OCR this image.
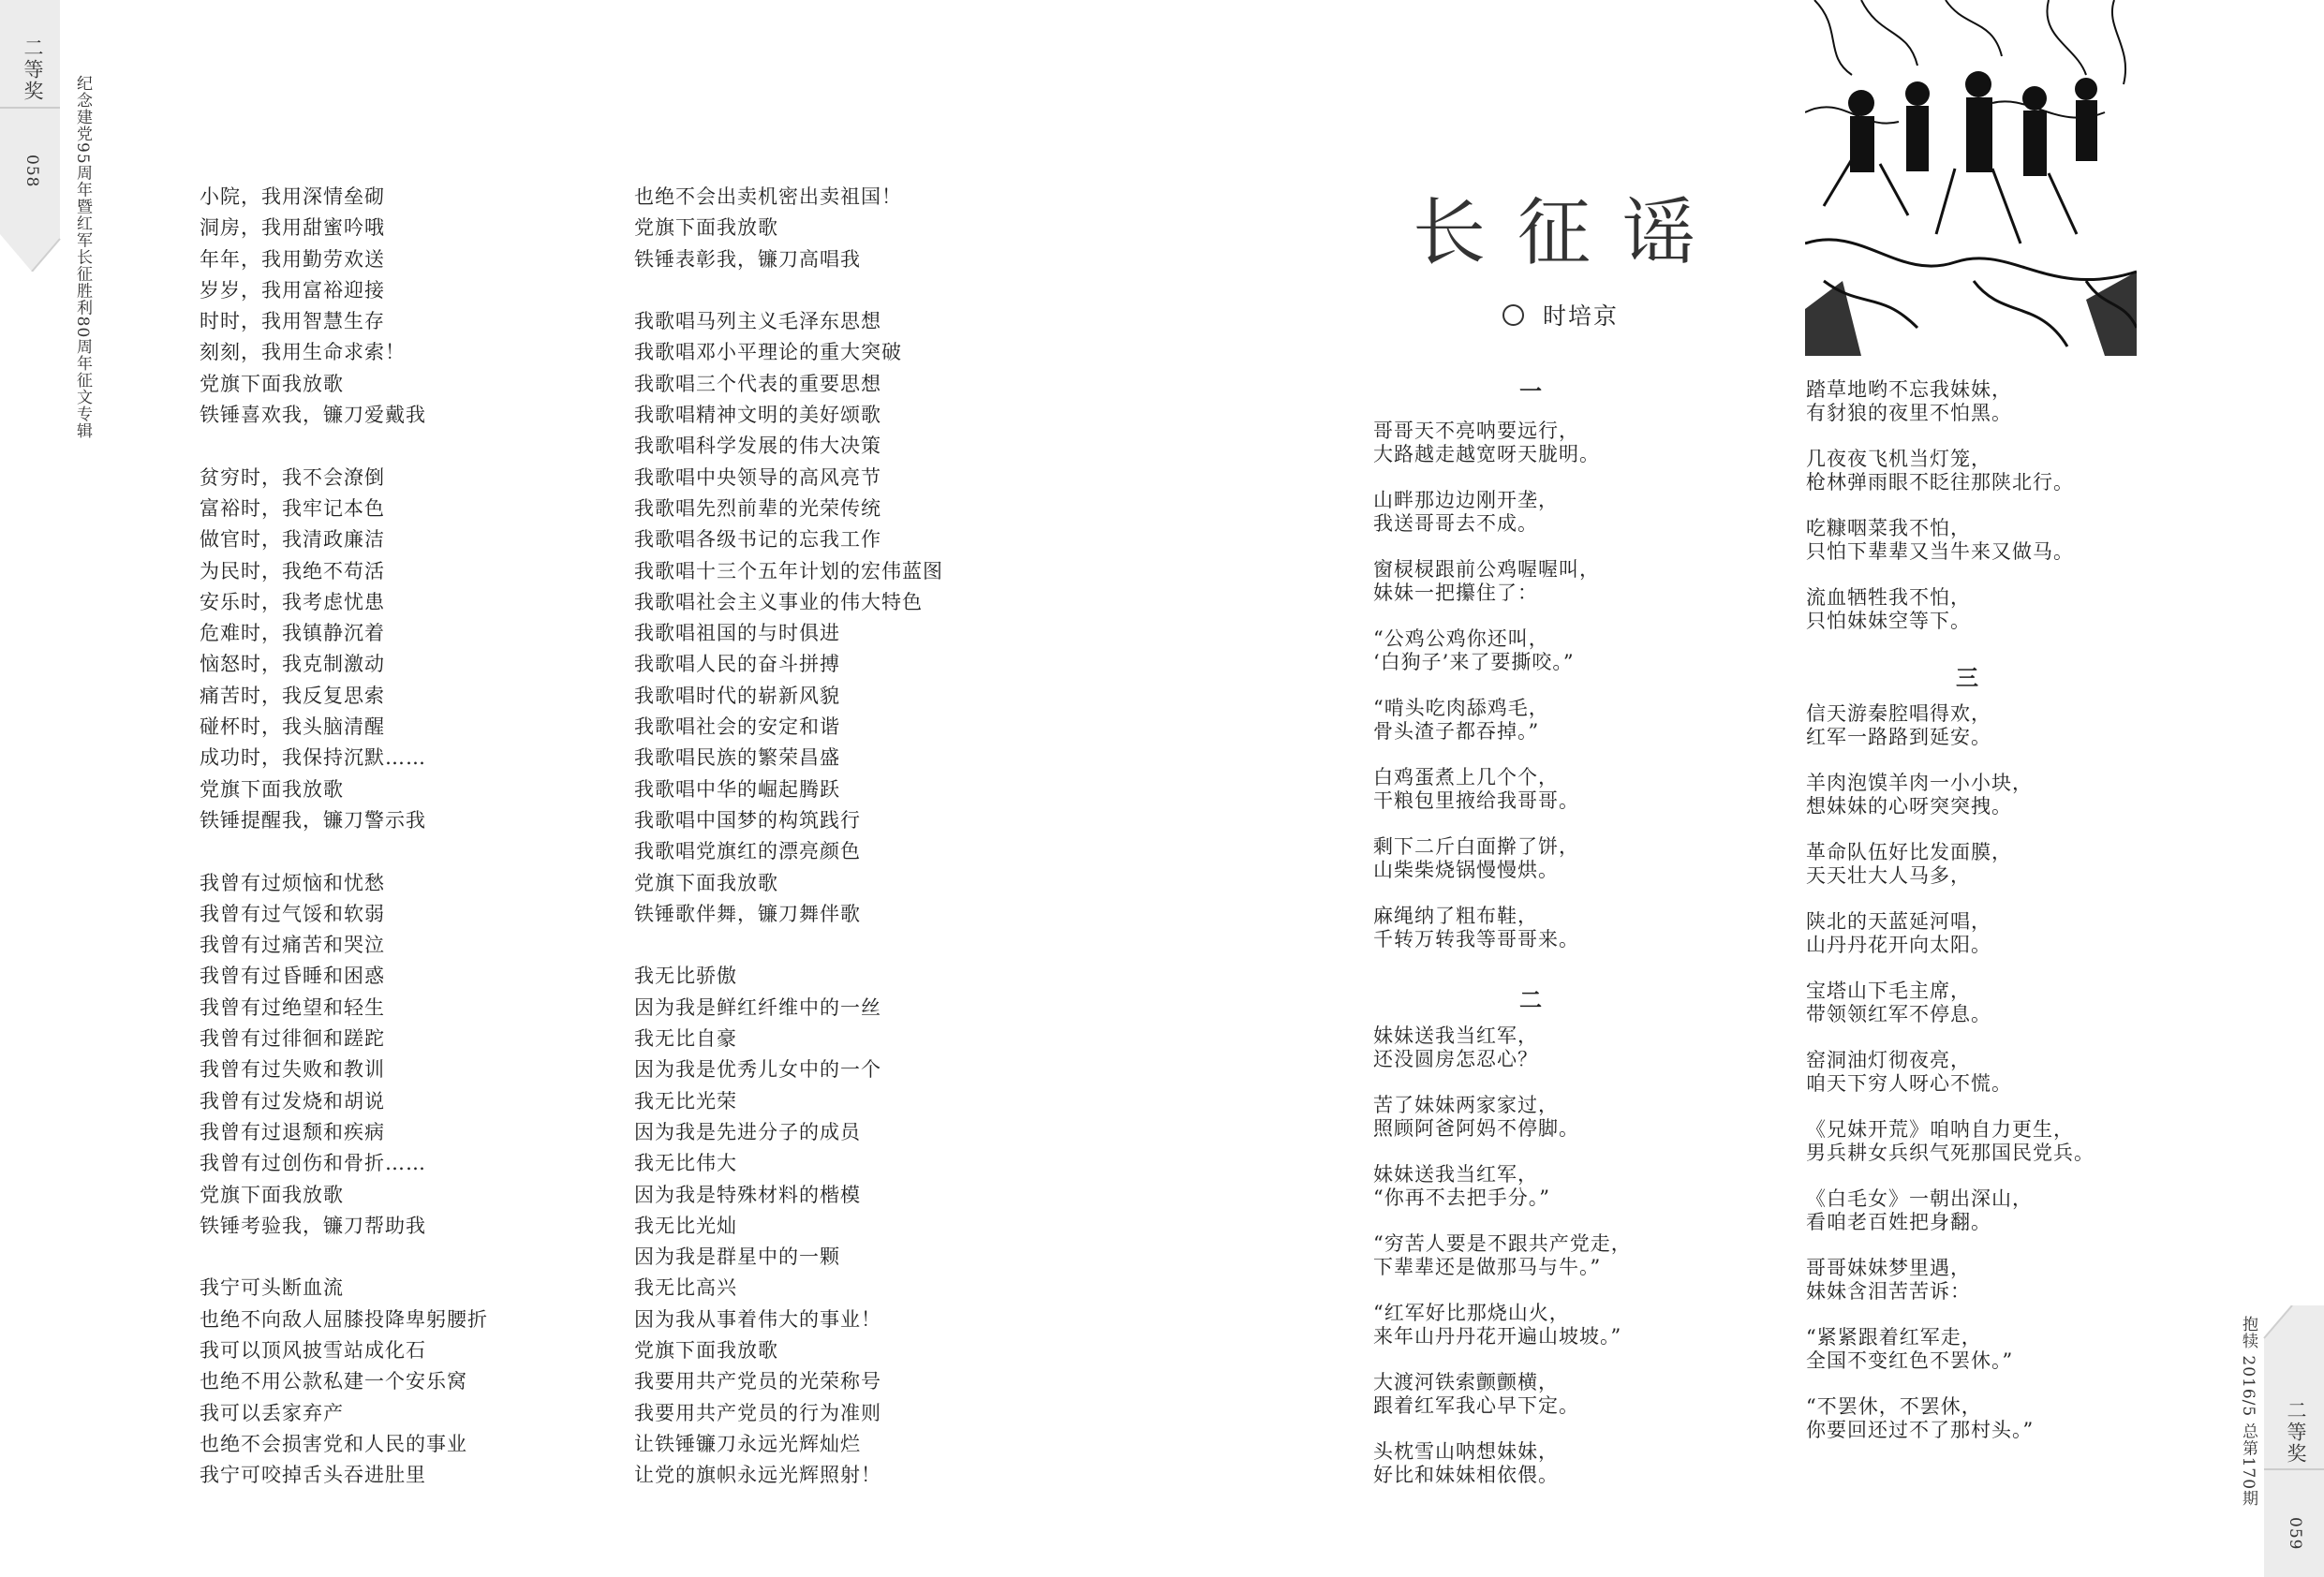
二等奖
058 纪念建党95周年暨红军长征胜利80周年征文专辑	小院，我用深情垒砌
洞房，我用甜蜜吟哦
年年，我用勤劳欢送
岁岁，我用富裕迎接
时时，我用智慧生存
刻刻，我用生命求索！
党旗下面我放歌
铁锤喜欢我，镰刀爱戴我

贫穷时，我不会潦倒
富裕时，我牢记本色
做官时，我清政廉洁
为民时，我绝不苟活
安乐时，我考虑忧患
危难时，我镇静沉着
恼怒时，我克制激动
痛苦时，我反复思索
碰杯时，我头脑清醒
成功时，我保持沉默……
党旗下面我放歌
铁锤提醒我，镰刀警示我

我曾有过烦恼和忧愁
我曾有过气馁和软弱
我曾有过痛苦和哭泣
我曾有过昏睡和困惑
我曾有过绝望和轻生
我曾有过徘徊和蹉跎
我曾有过失败和教训
我曾有过发烧和胡说
我曾有过退颓和疾病
我曾有过创伤和骨折……
党旗下面我放歌
铁锤考验我，镰刀帮助我

我宁可头断血流
也绝不向敌人屈膝投降卑躬腰折
我可以顶风披雪站成化石
也绝不用公款私建一个安乐窝
我可以丢家弃产
也绝不会损害党和人民的事业
我宁可咬掉舌头吞进肚里
也绝不会出卖机密出卖祖国！
党旗下面我放歌
铁锤表彰我，镰刀高唱我

我歌唱马列主义毛泽东思想
我歌唱邓小平理论的重大突破
我歌唱三个代表的重要思想
我歌唱精神文明的美好颂歌
我歌唱科学发展的伟大决策
我歌唱中央领导的高风亮节
我歌唱先烈前辈的光荣传统
我歌唱各级书记的忘我工作
我歌唱十三个五年计划的宏伟蓝图
我歌唱社会主义事业的伟大特色
我歌唱祖国的与时俱进
我歌唱人民的奋斗拼搏
我歌唱时代的崭新风貌
我歌唱社会的安定和谐
我歌唱民族的繁荣昌盛
我歌唱中华的崛起腾跃
我歌唱中国梦的构筑践行
我歌唱党旗红的漂亮颜色
党旗下面我放歌
铁锤歌伴舞，镰刀舞伴歌

我无比骄傲
因为我是鲜红纤维中的一丝
我无比自豪
因为我是优秀儿女中的一个
我无比光荣
因为我是先进分子的成员
我无比伟大
因为我是特殊材料的楷模
我无比光灿
因为我是群星中的一颗
我无比高兴
因为我从事着伟大的事业！
党旗下面我放歌
我要用共产党员的光荣称号
我要用共产党员的行为准则
让铁锤镰刀永远光辉灿烂
让党的旗帜永远光辉照射！
长征谣
时培京
一
二
三
哥哥天不亮呐要远行，
大路越走越宽呀天胧明。
山畔那边边刚开垄，
我送哥哥去不成。
窗棂棂跟前公鸡喔喔叫，
妹妹一把攥住了：
“公鸡公鸡你还叫，
‘白狗子’来了要撕咬。”
“啃头吃肉舔鸡毛，
骨头渣子都吞掉。”
白鸡蛋煮上几个个，
干粮包里掖给我哥哥。
剩下二斤白面擀了饼，
山柴柴烧锅慢慢烘。
麻绳纳了粗布鞋，
千转万转我等哥哥来。
妹妹送我当红军，
还没圆房怎忍心？
苦了妹妹两家家过，
照顾阿爸阿妈不停脚。
妹妹送我当红军，
“你再不去把手分。”
“穷苦人要是不跟共产党走，
下辈辈还是做那马与牛。”
“红军好比那烧山火，
来年山丹丹花开遍山坡坡。”
大渡河铁索颤颤横，
跟着红军我心早下定。
头枕雪山呐想妹妹，
好比和妹妹相依偎。
踏草地哟不忘我妹妹，
有豺狼的夜里不怕黑。
几夜夜飞机当灯笼，
枪林弹雨眼不眨往那陕北行。
吃糠咽菜我不怕，
只怕下辈辈又当牛来又做马。
流血牺牲我不怕，
只怕妹妹空等下。
信天游秦腔唱得欢，
红军一路路到延安。
羊肉泡馍羊肉一小小块，
想妹妹的心呀突突拽。
革命队伍好比发面膜，
天天壮大人马多，
陕北的天蓝延河唱，
山丹丹花开向太阳。
宝塔山下毛主席，
带领领红军不停息。
窑洞油灯彻夜亮，
咱天下穷人呀心不慌。
《兄妹开荒》咱呐自力更生，
男兵耕女兵织气死那国民党兵。
《白毛女》一朝出深山，
看咱老百姓把身翻。
哥哥妹妹梦里遇，
妹妹含泪苦苦诉：
“紧紧跟着红军走，
全国不变红色不罢休。”
“不罢休，不罢休，
你要回还过不了那村头。”	二等奖
059
抱犊 2016/5 总第170期
